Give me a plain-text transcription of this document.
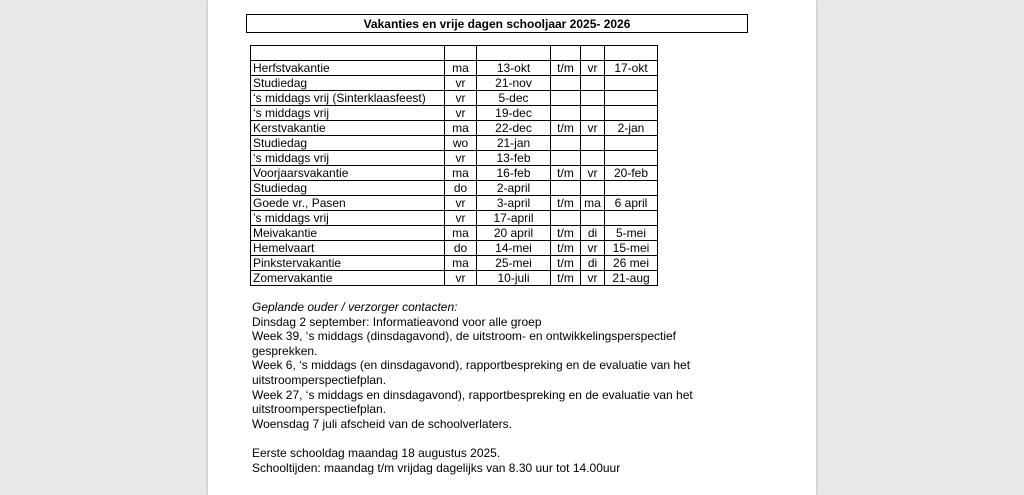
Vakanties en vrije dagen schooljaar 2025- 2026

Herfstvakantie	ma	13-okt	t/m	vr	17-okt
Studiedag	vr	21-nov			
‘s middags vrij (Sinterklaasfeest)	vr	5-dec			
‘s middags vrij	vr	19-dec			
Kerstvakantie	ma	22-dec	t/m	vr	2-jan
Studiedag	wo	21-jan			
‘s middags vrij	vr	13-feb			
Voorjaarsvakantie	ma	16-feb	t/m	vr	20-feb
Studiedag	do	2-april			
Goede vr., Pasen	vr	3-april	t/m	ma	6 april
’s middags vrij	vr	17-april			
Meivakantie	ma	20 april	t/m	di	5-mei
Hemelvaart	do	14-mei	t/m	vr	15-mei
Pinkstervakantie	ma	25-mei	t/m	di	26 mei
Zomervakantie	vr	10-juli	t/m	vr	21-aug

Geplande ouder / verzorger contacten:

Dinsdag 2 september: Informatieavond voor alle groep

Week 39, ‘s middags (dinsdagavond), de uitstroom- en ontwikkelingsperspectief

gesprekken.

Week 6, ‘s middags (en dinsdagavond), rapportbespreking en de evaluatie van het

uitstroomperspectiefplan.

Week 27, ‘s middags en dinsdagavond), rapportbespreking en de evaluatie van het

uitstroomperspectiefplan.

Woensdag 7 juli afscheid van de schoolverlaters.

Eerste schooldag maandag 18 augustus 2025.

Schooltijden: maandag t/m vrijdag dagelijks van 8.30 uur tot 14.00uur
